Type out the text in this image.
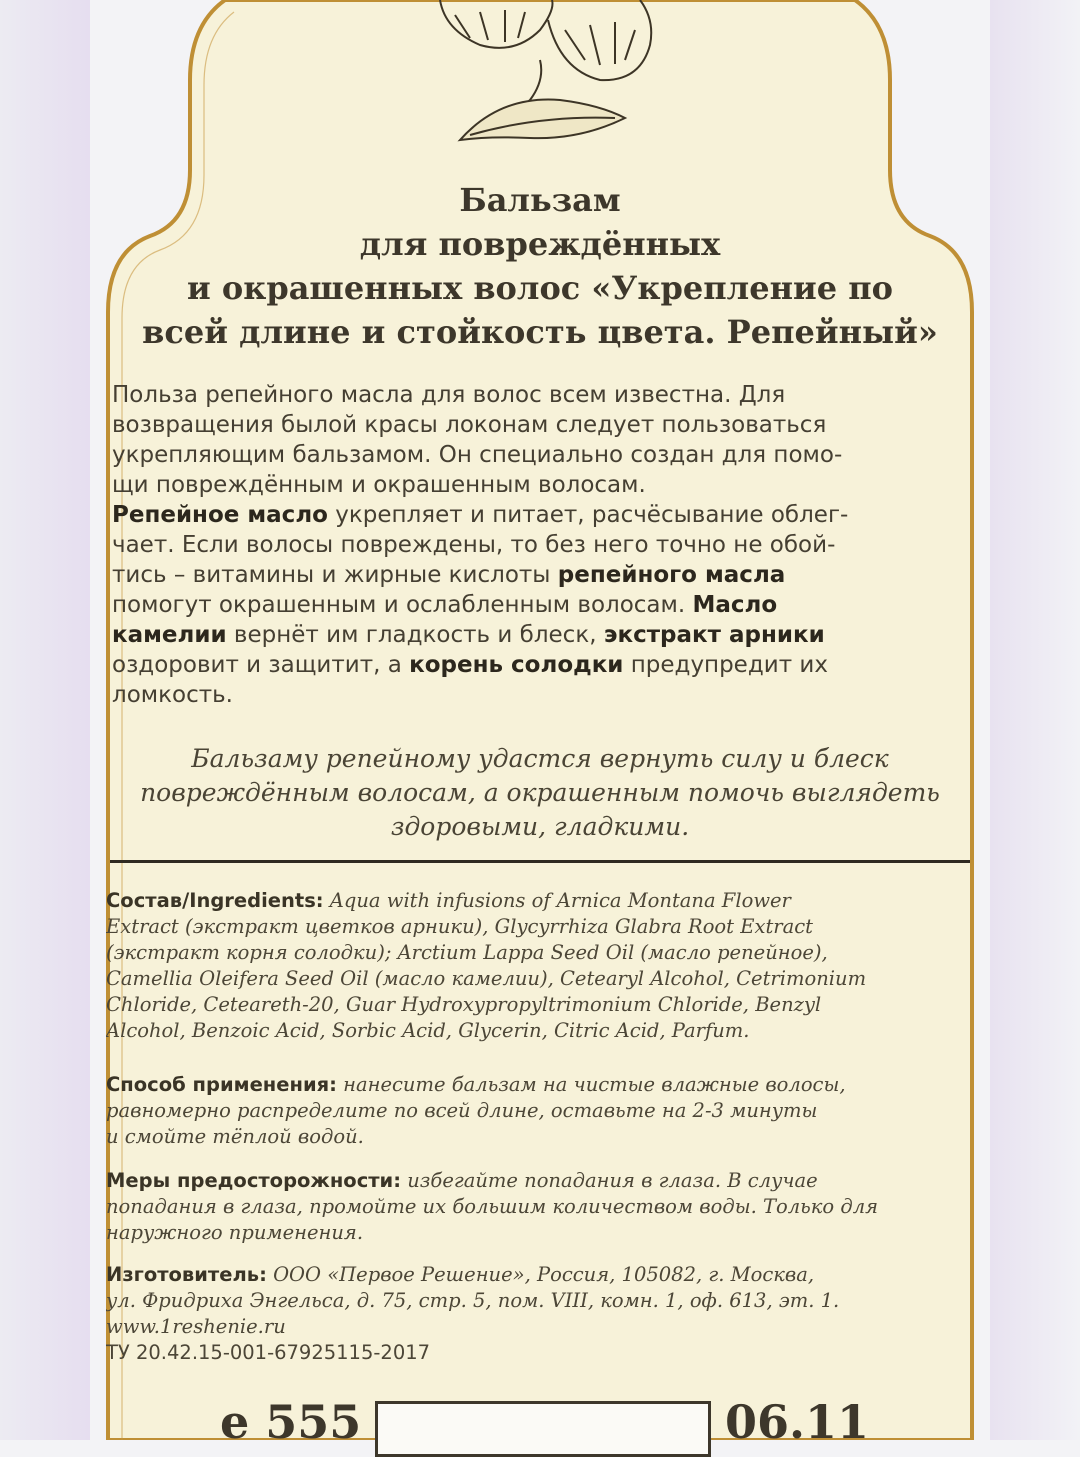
Бальзам
для повреждённых
и окрашенных волос «Укрепление по
всей длине и стойкость цвета. Репейный»
Польза репейного масла для волос всем известна. Для
возвращения былой красы локонам следует пользоваться
укрепляющим бальзамом. Он специально создан для помо-
щи повреждённым и окрашенным волосам.
Репейное масло укрепляет и питает, расчёсывание облег-
чает. Если волосы повреждены, то без него точно не обой-
тись – витамины и жирные кислоты репейного масла
помогут окрашенным и ослабленным волосам. Масло
камелии вернёт им гладкость и блеск, экстракт арники
оздоровит и защитит, а корень солодки предупредит их
ломкость.
Бальзаму репейному удастся вернуть силу и блеск
повреждённым волосам, а окрашенным помочь выглядеть
здоровыми, гладкими.
Состав/Ingredients: Aqua with infusions of Arnica Montana Flower
Extract (экстракт цветков арники), Glycyrrhiza Glabra Root Extract
(экстракт корня солодки); Arctium Lappa Seed Oil (масло репейное),
Camellia Oleifera Seed Oil (масло камелии), Cetearyl Alcohol, Cetrimonium
Chloride, Ceteareth-20, Guar Hydroxypropyltrimonium Chloride, Benzyl
Alcohol, Benzoic Acid, Sorbic Acid, Glycerin, Citric Acid, Parfum.
Способ применения: нанесите бальзам на чистые влажные волосы,
равномерно распределите по всей длине, оставьте на 2-3 минуты
и смойте тёплой водой.
Меры предосторожности: избегайте попадания в глаза. В случае
попадания в глаза, промойте их большим количеством воды. Только для
наружного применения.
Изготовитель: ООО «Первое Решение», Россия, 105082, г. Москва,
ул. Фридриха Энгельса, д. 75, стр. 5, пом. VIII, комн. 1, оф. 613, эт. 1.
www.1reshenie.ru
ТУ 20.42.15-001-67925115-2017
e 555	06.11
